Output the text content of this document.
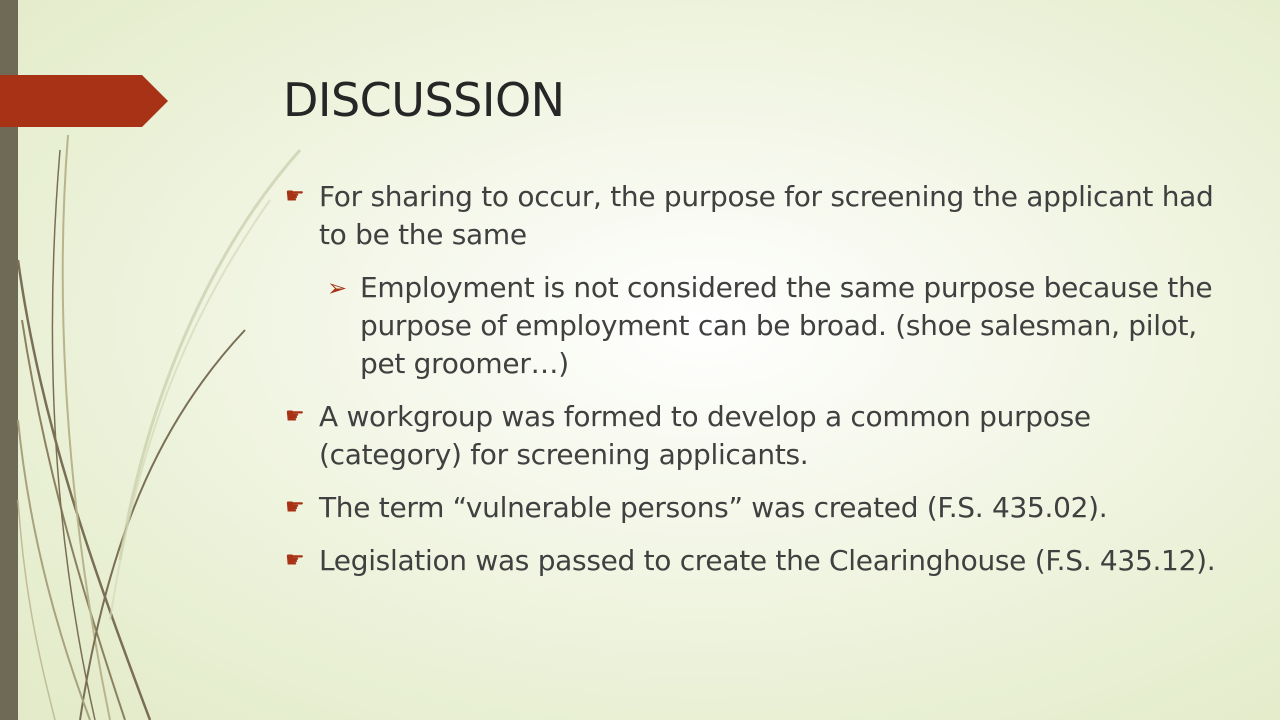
DISCUSSION
☛ For sharing to occur, the purpose for screening the applicant had to be the same
➢ Employment is not considered the same purpose because the purpose of employment can be broad. (shoe salesman, pilot, pet groomer…)
☛ A workgroup was formed to develop a common purpose (category) for screening applicants.
☛ The term “vulnerable persons” was created (F.S. 435.02).
☛ Legislation was passed to create the Clearinghouse (F.S. 435.12).
